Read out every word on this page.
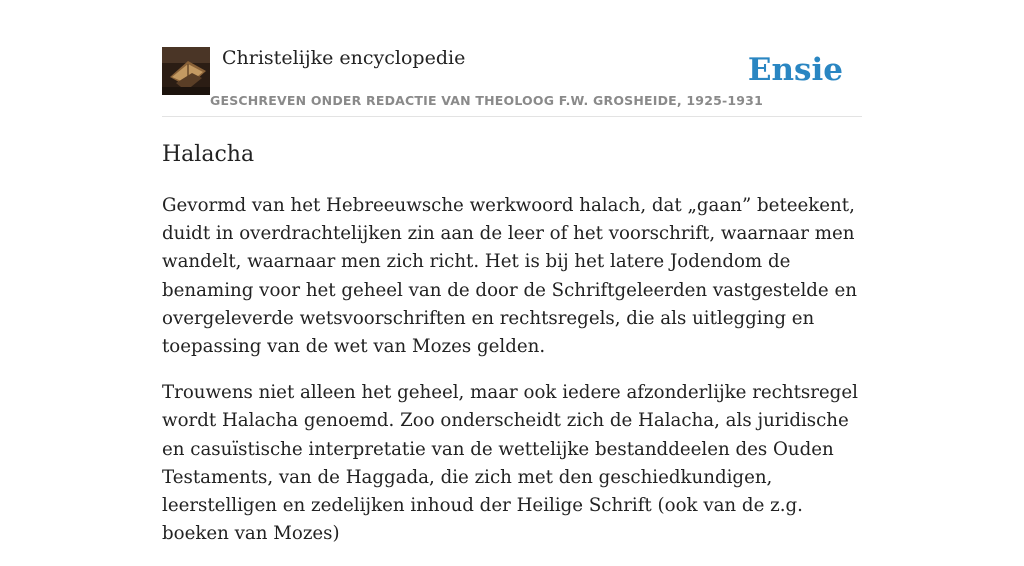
Christelijke encyclopedie
GESCHREVEN ONDER REDACTIE VAN THEOLOOG F.W. GROSHEIDE, 1925-1931
Ensie
Halacha

Gevormd van het Hebreeuwsche werkwoord halach, dat „gaan” beteekent, duidt in overdrachtelijken zin aan de leer of het voorschrift, waarnaar men wandelt, waarnaar men zich richt. Het is bij het latere Jodendom de benaming voor het geheel van de door de Schriftgeleerden vastgestelde en overgeleverde wetsvoorschriften en rechtsregels, die als uitlegging en toepassing van de wet van Mozes gelden.

Trouwens niet alleen het geheel, maar ook iedere afzonderlijke rechtsregel wordt Halacha genoemd. Zoo onderscheidt zich de Halacha, als juridische en casuïstische interpretatie van de wettelijke bestanddeelen des Ouden Testaments, van de Haggada, die zich met den geschiedkundigen, leerstelligen en zedelijken inhoud der Heilige Schrift (ook van de z.g. boeken van Mozes)
